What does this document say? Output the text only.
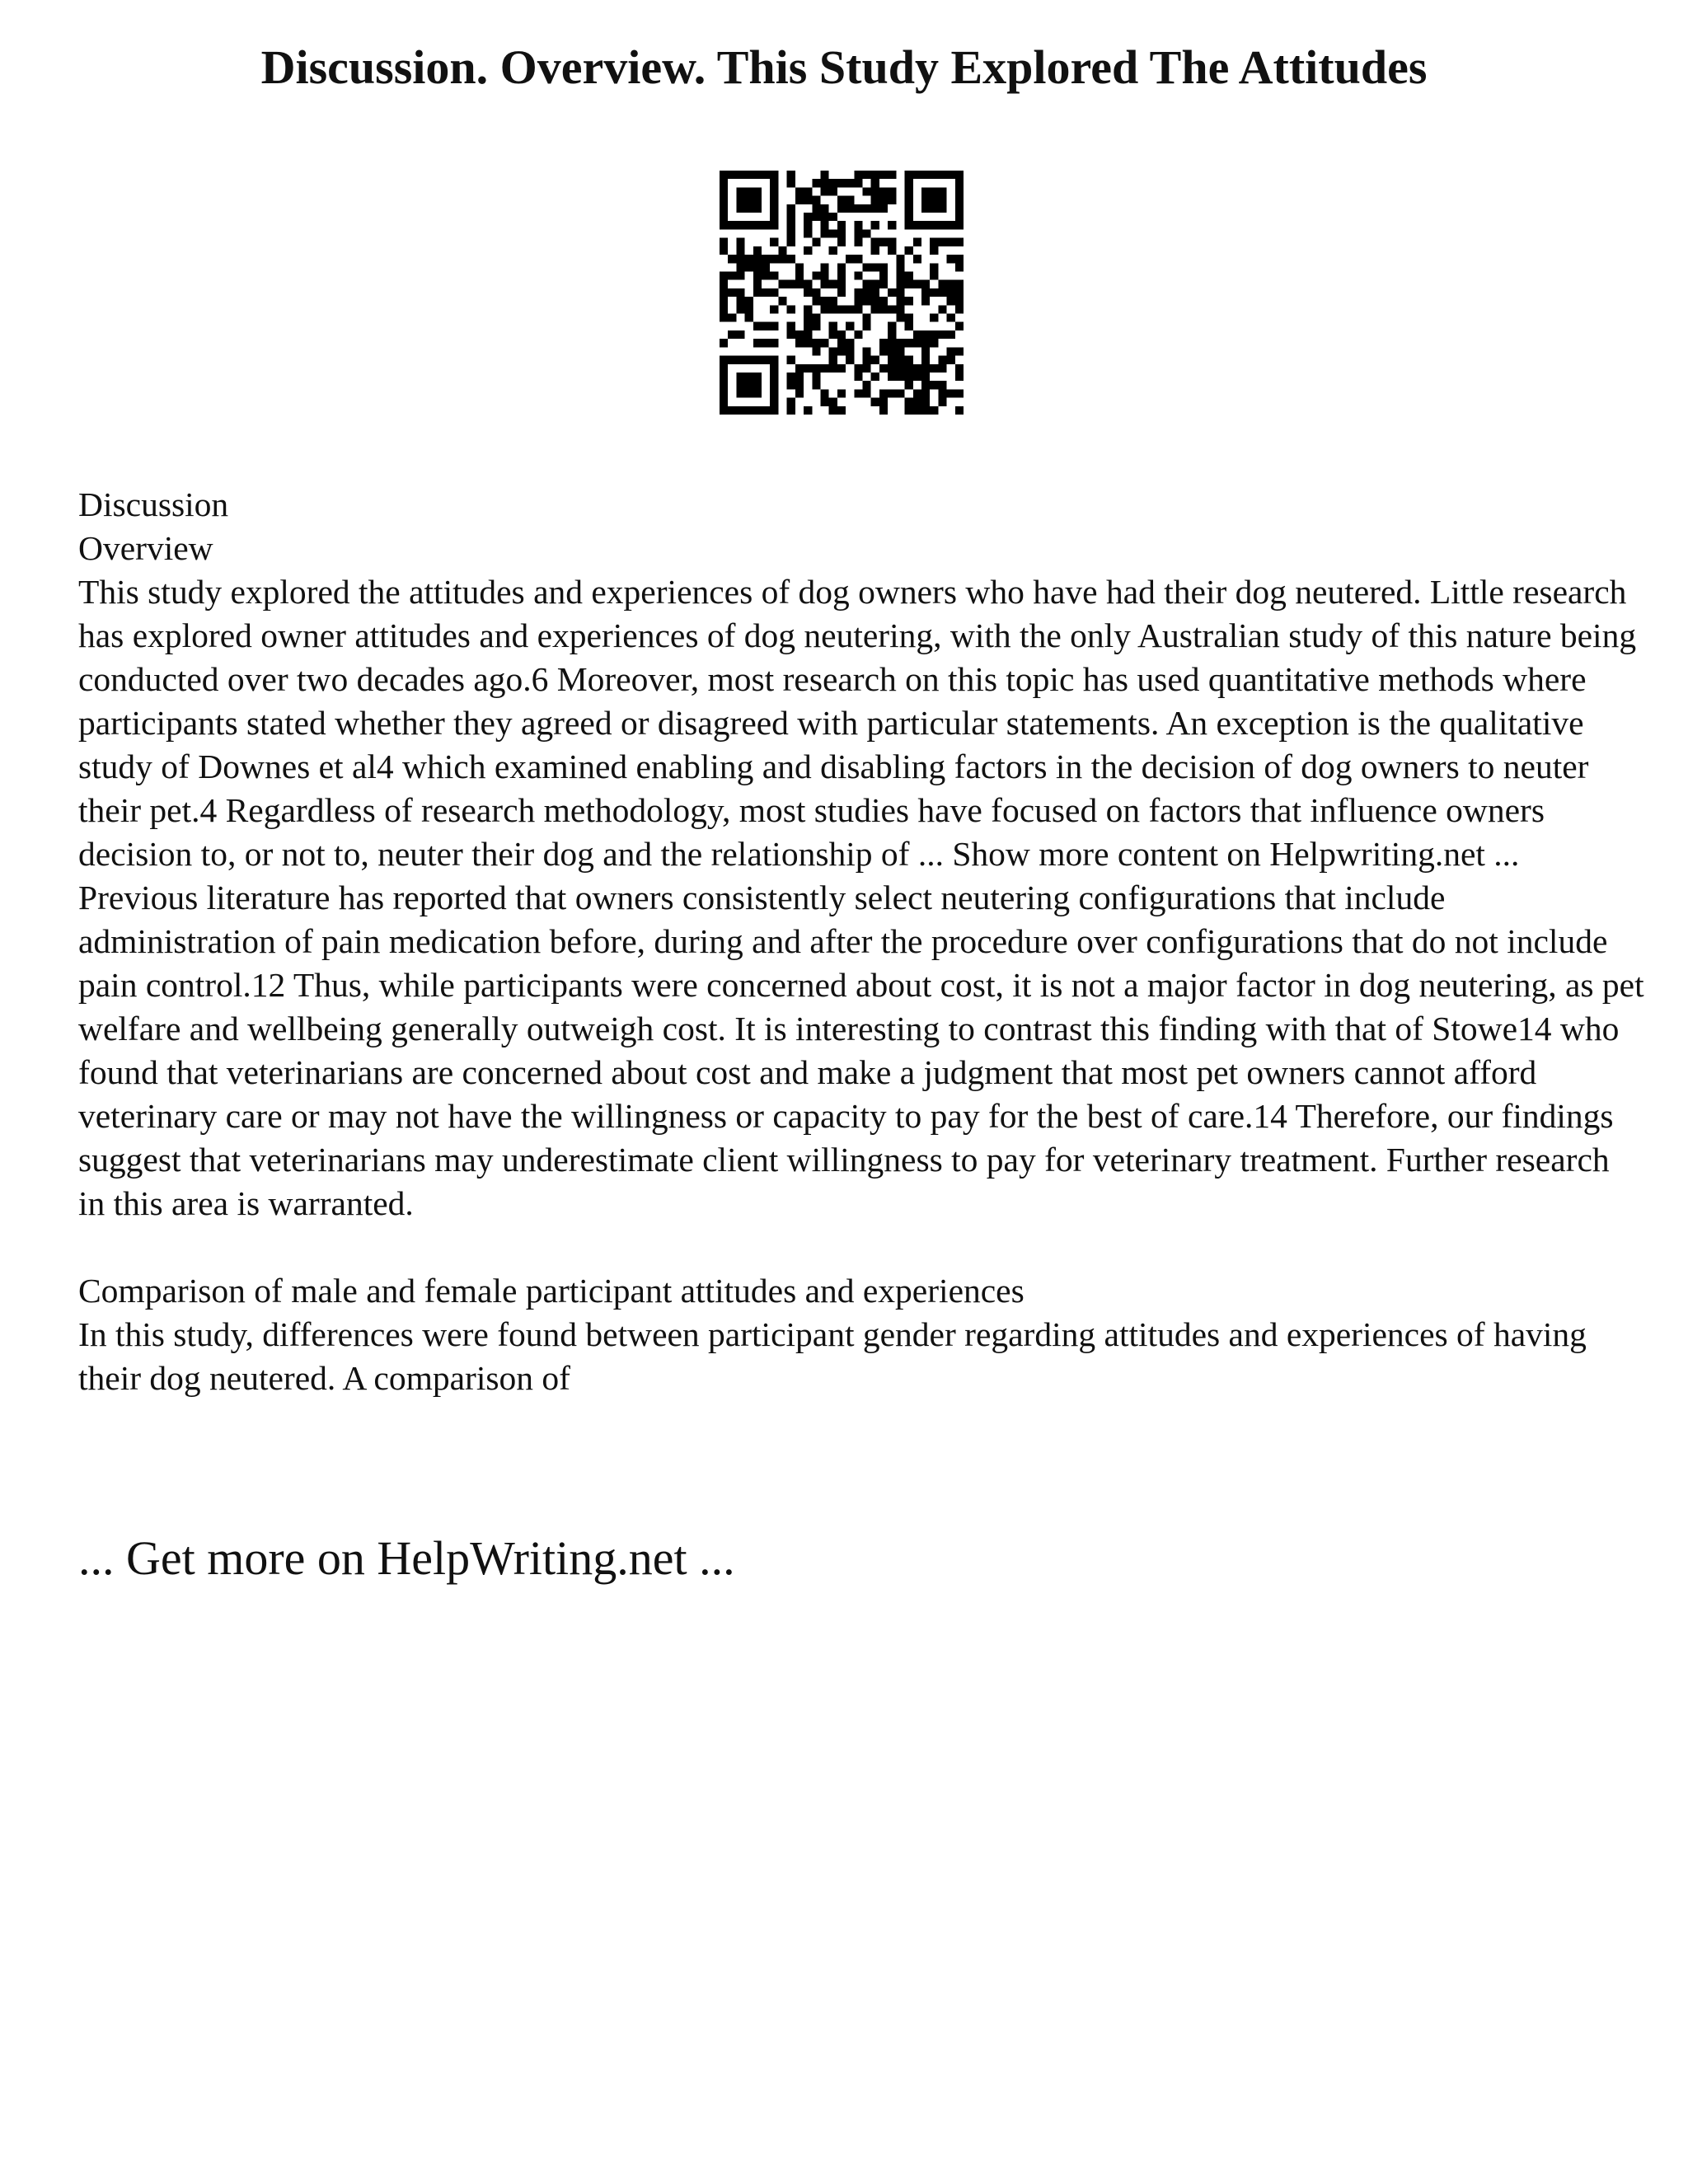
Discussion. Overview. This Study Explored The Attitudes

Discussion

Overview

This study explored the attitudes and experiences of dog owners who have had their dog neutered. Little research has explored owner attitudes and experiences of dog neutering, with the only Australian study of this nature being conducted over two decades ago.6 Moreover, most research on this topic has used quantitative methods where participants stated whether they agreed or disagreed with particular statements. An exception is the qualitative study of Downes et al4 which examined enabling and disabling factors in the decision of dog owners to neuter their pet.4 Regardless of research methodology, most studies have focused on factors that influence owners decision to, or not to, neuter their dog and the relationship of ... Show more content on Helpwriting.net ...

Previous literature has reported that owners consistently select neutering configurations that include administration of pain medication before, during and after the procedure over configurations that do not include pain control.12 Thus, while participants were concerned about cost, it is not a major factor in dog neutering, as pet welfare and wellbeing generally outweigh cost. It is interesting to contrast this finding with that of Stowe14 who found that veterinarians are concerned about cost and make a judgment that most pet owners cannot afford veterinary care or may not have the willingness or capacity to pay for the best of care.14 Therefore, our findings suggest that veterinarians may underestimate client willingness to pay for veterinary treatment. Further research in this area is warranted.

Comparison of male and female participant attitudes and experiences

In this study, differences were found between participant gender regarding attitudes and experiences of having their dog neutered. A comparison of

... Get more on HelpWriting.net ...
